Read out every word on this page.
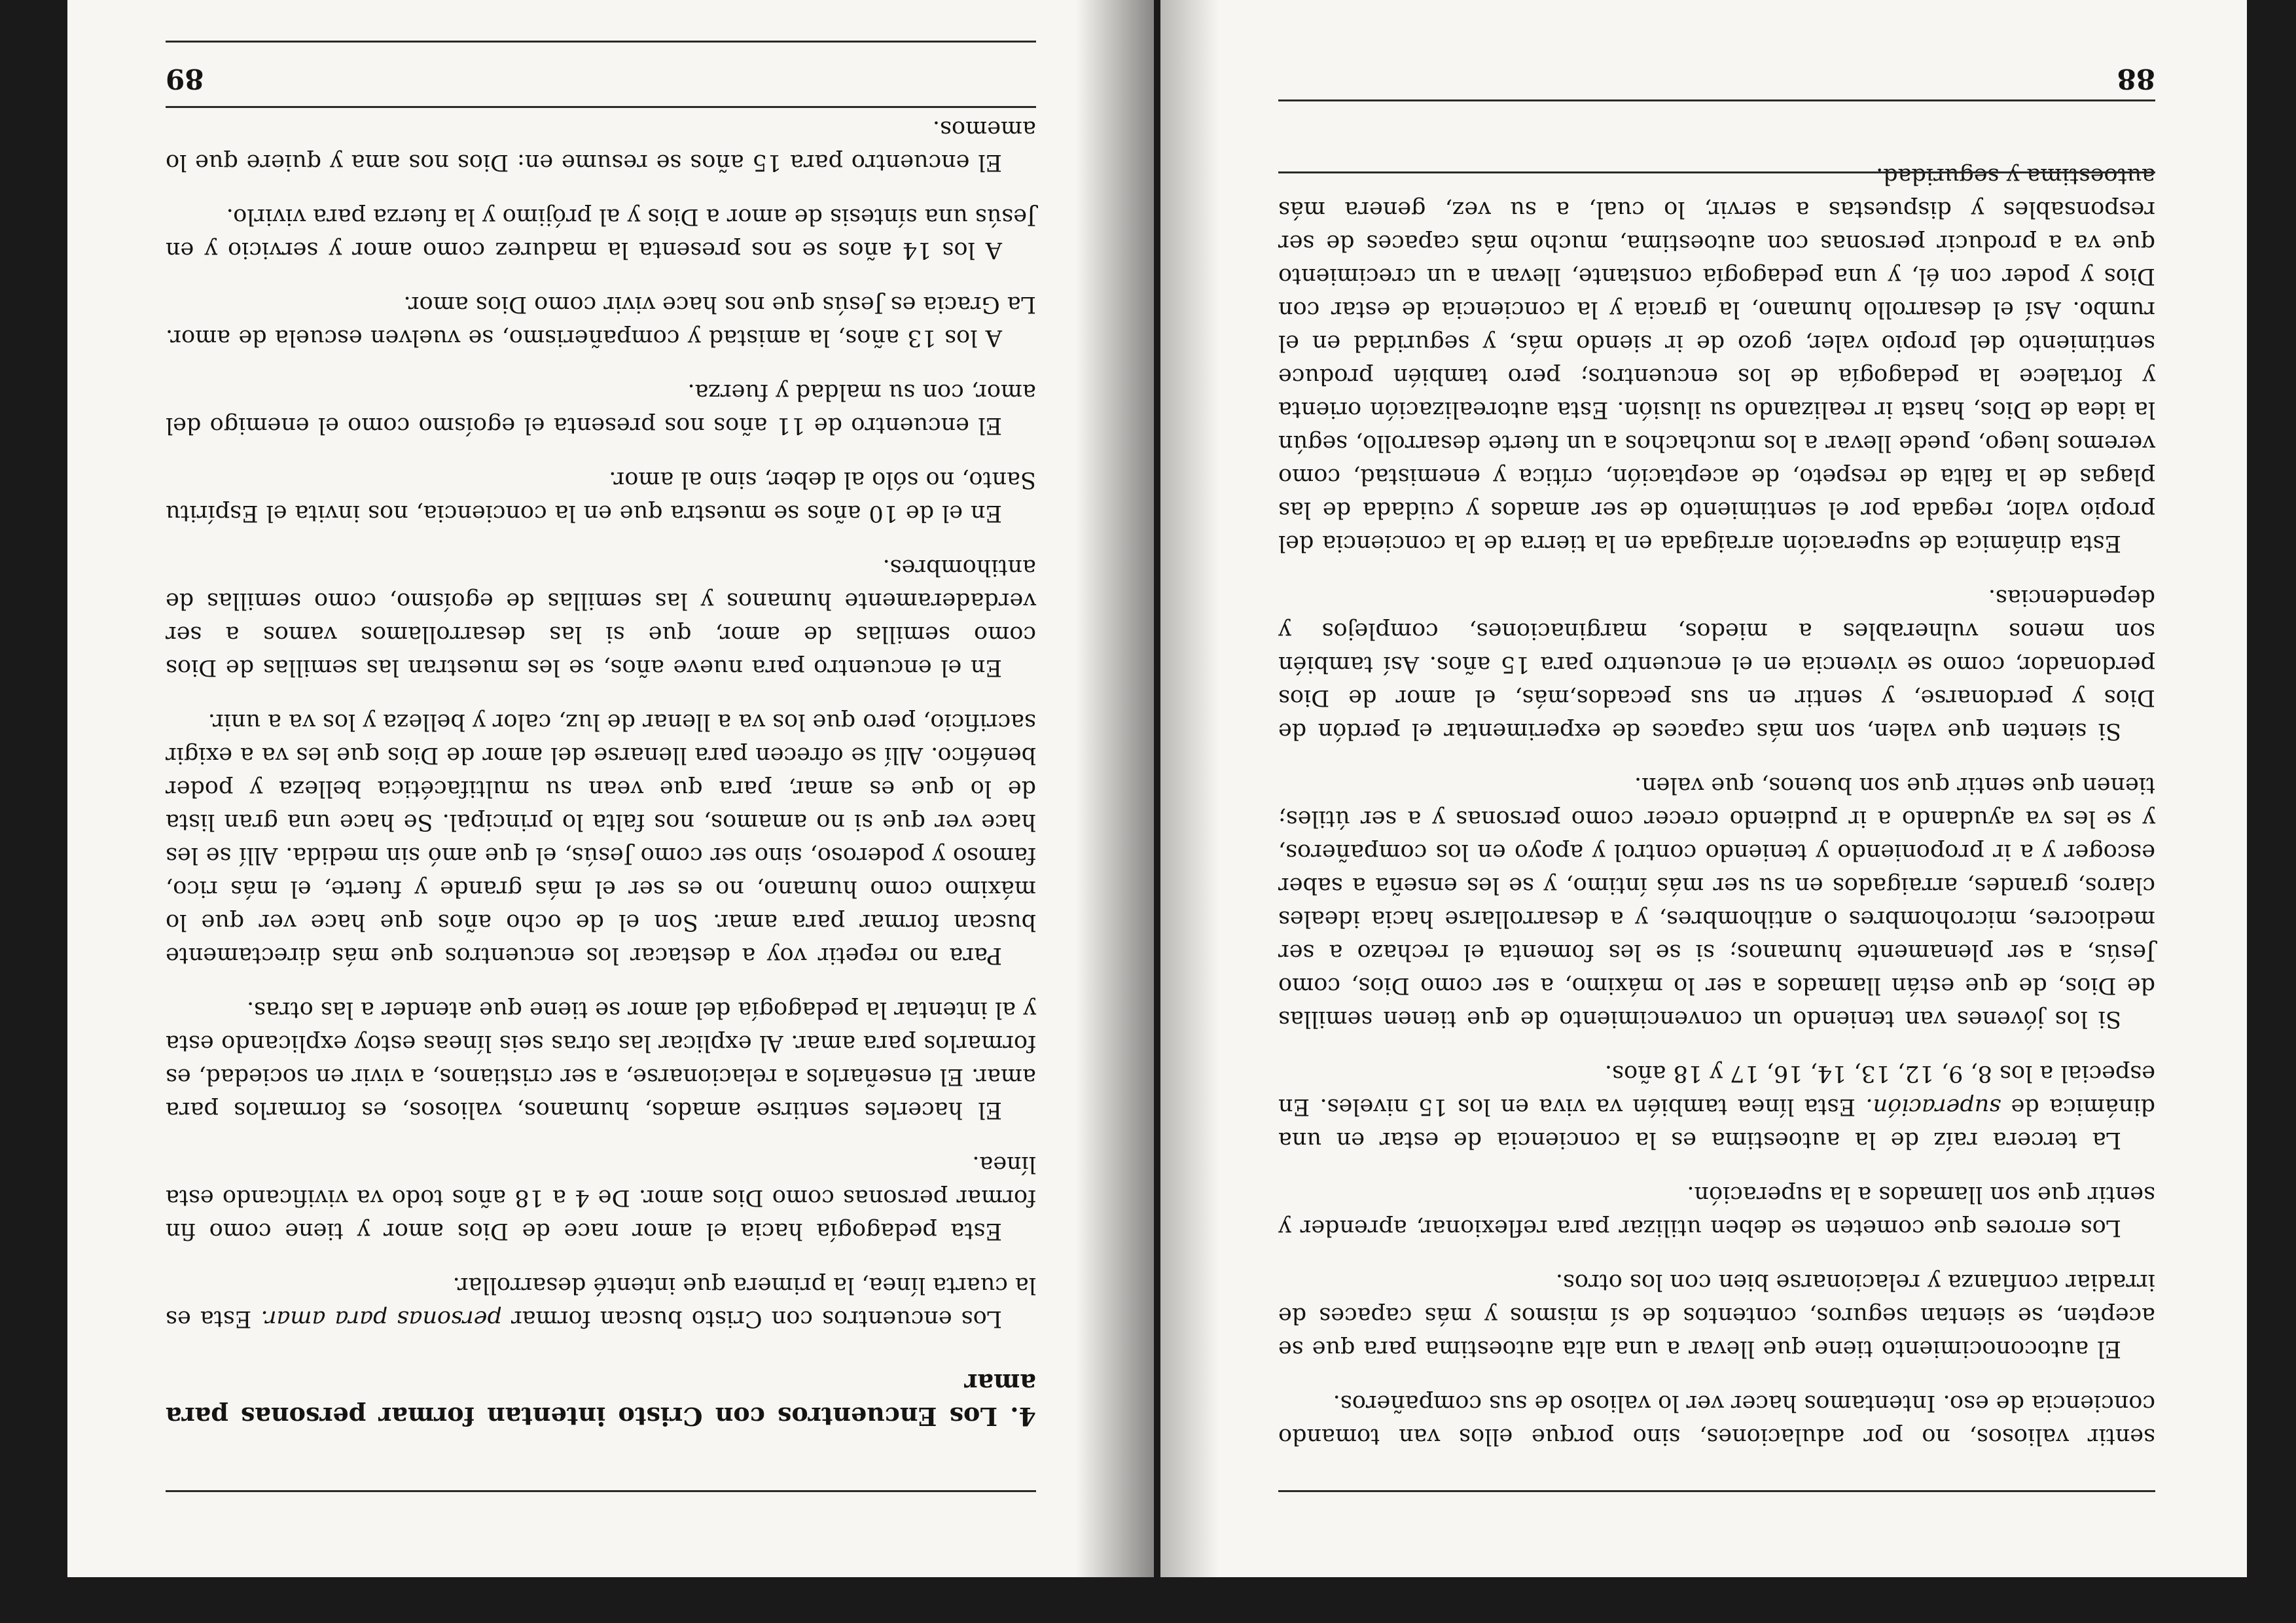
sentir valiosos, no por adulaciones, sino porque ellos van tomando conciencia de eso. Intentamos hacer ver lo valioso de sus compañeros.

El autoconocimiento tiene que llevar a una alta autoestima para que se acepten, se sientan seguros, contentos de sí mismos y más capaces de irradiar confianza y relacionarse bien con los otros.

Los errores que cometen se deben utilizar para reflexionar, aprender y sentir que son llamados a la superación.

La tercera raíz de la autoestima es la conciencia de estar en una dinámica de superación. Esta línea también va viva en los 15 niveles. En especial a los 8, 9, 12, 13, 14, 16, 17 y 18 años.

Si los jóvenes van teniendo un convencimiento de que tienen semillas de Dios, de que están llamados a ser lo máximo, a ser como Dios, como Jesús, a ser plenamente humanos; si se les fomenta el rechazo a ser mediocres, microhombres o antihombres, y a desarrollarse hacia ideales claros, grandes, arraigados en su ser más íntimo, y se les enseña a saber escoger y a ir proponiendo y teniendo control y apoyo en los compañeros, y se les va ayudando a ir pudiendo crecer como personas y a ser útiles; tienen que sentir que son buenos, que valen.

Si sienten que valen, son más capaces de experimentar el perdón de Dios y perdonarse, y sentir en sus pecados,más, el amor de Dios perdonador, como se vivencia en el encuentro para 15 años. Así también son menos vulnerables a miedos, marginaciones, complejos y dependencias.

Esta dinámica de superación arraigada en la tierra de la conciencia del propio valor, regada por el sentimiento de ser amados y cuidada de las plagas de la falta de respeto, de aceptación, crítica y enemistad, como veremos luego, puede llevar a los muchachos a un fuerte desarrollo, según la idea de Dios, hasta ir realizando su ilusión. Esta autorealización orienta y fortalece la pedagogía de los encuentros; pero también produce sentimiento del propio valer, gozo de ir siendo más, y seguridad en el rumbo. Así el desarrollo humano, la gracia y la conciencia de estar con Dios y poder con él, y una pedagogía constante, llevan a un crecimiento que va a producir personas con autoestima, mucho más capaces de ser responsables y dispuestas a servir, lo cual, a su vez, genera más autoestima y seguridad.

88
4. Los Encuentros con Cristo intentan formar personas para amar

Los encuentros con Cristo buscan formar personas para amar. Esta es la cuarta línea, la primera que intenté desarrollar.

Esta pedagogía hacia el amor nace de Dios amor y tiene como fin formar personas como Dios amor. De 4 a 18 años todo va vivificando esta línea.

El hacerles sentirse amados, humanos, valiosos, es formarlos para amar. El enseñarlos a relacionarse, a ser cristianos, a vivir en sociedad, es formarlos para amar. Al explicar las otras seis líneas estoy explicando esta y al intentar la pedagogía del amor se tiene que atender a las otras.

Para no repetir voy a destacar los encuentros que más directamente buscan formar para amar. Son el de ocho años que hace ver que lo máximo como humano, no es ser el más grande y fuerte, el más rico, famoso y poderoso, sino ser como Jesús, el que amó sin medida. Allí se les hace ver que si no amamos, nos falta lo principal. Se hace una gran lista de lo que es amar, para que vean su multifacética belleza y poder benéfico. Allí se ofrecen para llenarse del amor de Dios que les va a exigir sacrificio, pero que los va a llenar de luz, calor y belleza y los va a unir.

En el encuentro para nueve años, se les muestran las semillas de Dios como semillas de amor, que si las desarrollamos vamos a ser verdaderamente humanos y las semillas de egoísmo, como semillas de antihombres.

En el de 10 años se muestra que en la conciencia, nos invita el Espíritu Santo, no sólo al deber, sino al amor.

El encuentro de 11 años nos presenta el egoísmo como el enemigo del amor, con su maldad y fuerza.

A los 13 años, la amistad y compañerismo, se vuelven escuela de amor. La Gracia es Jesús que nos hace vivir como Dios amor.

A los 14 años se nos presenta la madurez como amor y servicio y en Jesús una síntesis de amor a Dios y al prójimo y la fuerza para vivirlo.

El encuentro para 15 años se resume en: Dios nos ama y quiere que lo amemos.

89
